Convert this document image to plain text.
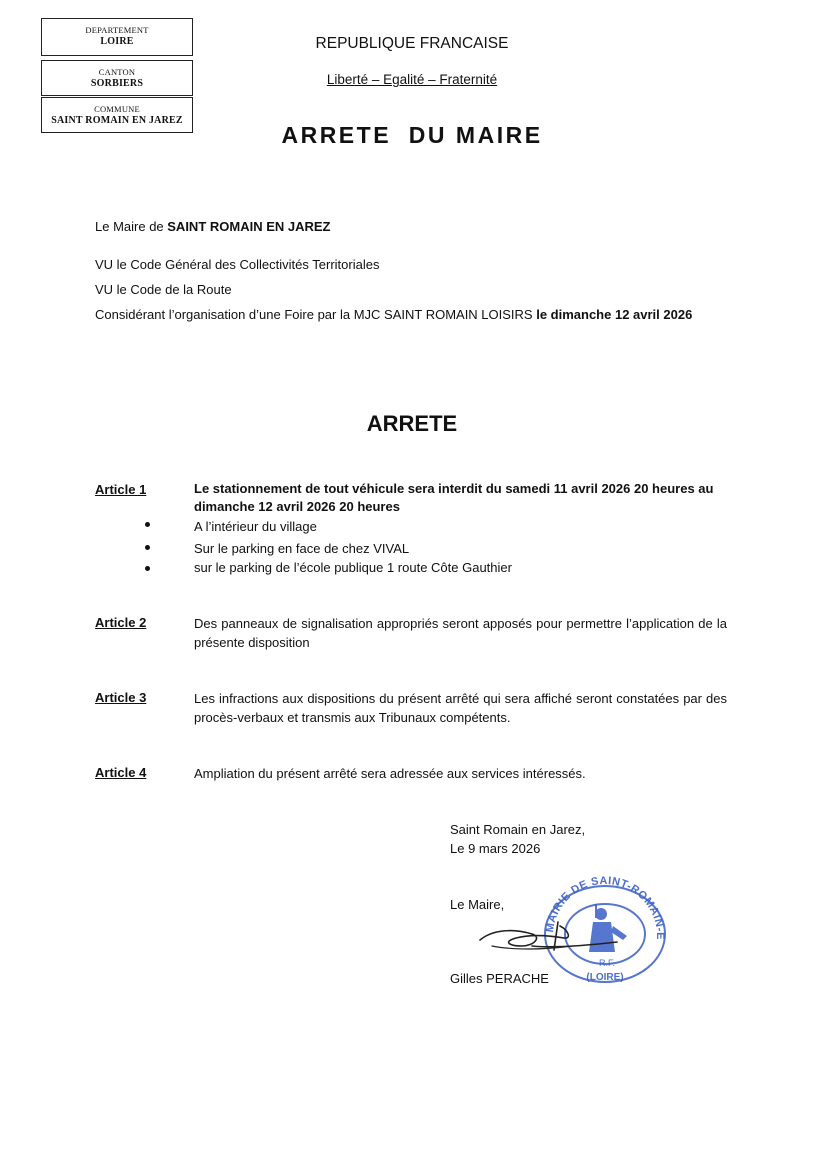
DEPARTEMENT
LOIRE
CANTON
SORBIERS
COMMUNE
SAINT ROMAIN EN JAREZ
REPUBLIQUE FRANCAISE
Liberté – Egalité – Fraternité
ARRETE  DU MAIRE
Le Maire de SAINT ROMAIN EN JAREZ
VU le Code Général des Collectivités Territoriales
VU le Code de la Route
Considérant l’organisation d’une Foire par la MJC SAINT ROMAIN LOISIRS le dimanche 12 avril 2026
ARRETE
Article 1	Le stationnement de tout véhicule sera interdit du samedi 11 avril 2026 20 heures au dimanche 12 avril 2026 20 heures
A l’intérieur du village
Sur le parking en face de chez VIVAL
sur le parking de l’école publique 1 route Côte Gauthier
Article 2	Des panneaux de signalisation appropriés seront apposés pour permettre l’application de la présente disposition
Article 3	Les infractions aux dispositions du présent arrêté qui sera affiché seront constatées par des procès-verbaux et transmis aux Tribunaux compétents.
Article 4	Ampliation du présent arrêté sera adressée aux services intéressés.
Saint Romain en Jarez,
Le 9 mars 2026
Le Maire,
Gilles PERACHE
MAIRIE DE SAINT-ROMAIN-E
R.F.
(LOIRE)
